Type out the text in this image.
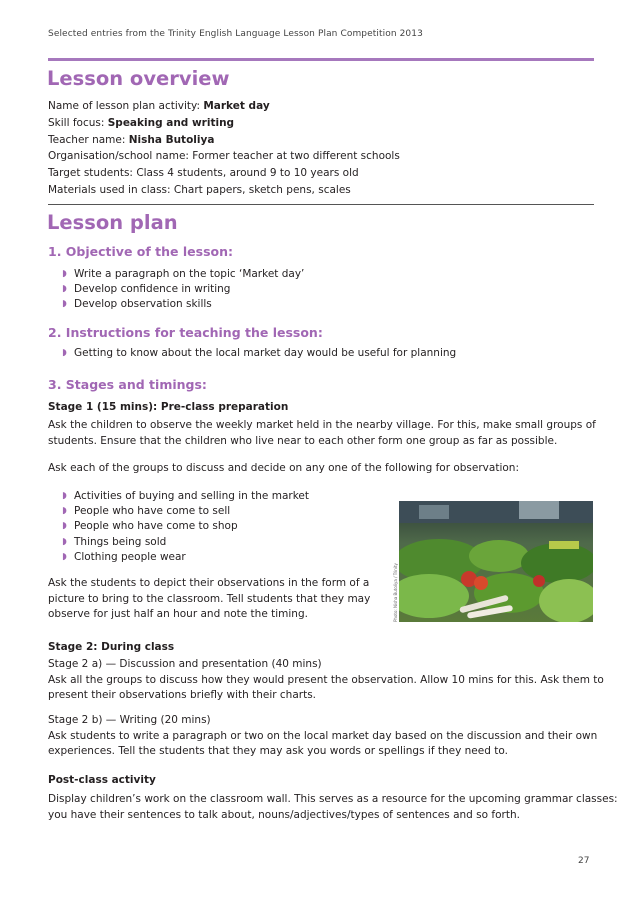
Selected entries from the Trinity English Language Lesson Plan Competition 2013
Lesson overview
Name of lesson plan activity: Market day
Skill focus: Speaking and writing
Teacher name: Nisha Butoliya
Organisation/school name: Former teacher at two different schools
Target students: Class 4 students, around 9 to 10 years old
Materials used in class: Chart papers, sketch pens, scales
Lesson plan
1. Objective of the lesson:
◗ Write a paragraph on the topic ‘Market day’
◗ Develop confidence in writing
◗ Develop observation skills
2. Instructions for teaching the lesson:
◗ Getting to know about the local market day would be useful for planning
3. Stages and timings:
Stage 1 (15 mins): Pre-class preparation
Ask the children to observe the weekly market held in the nearby village. For this, make small groups of
students. Ensure that the children who live near to each other form one group as far as possible.
Ask each of the groups to discuss and decide on any one of the following for observation:
◗ Activities of buying and selling in the market
◗ People who have come to sell
◗ People who have come to shop
◗ Things being sold
◗ Clothing people wear
Ask the students to depict their observations in the form of a
picture to bring to the classroom. Tell students that they may
observe for just half an hour and note the timing.	Photo: Nisha Butoliya / Trinity
Stage 2: During class
Stage 2 a) — Discussion and presentation (40 mins)
Ask all the groups to discuss how they would present the observation. Allow 10 mins for this. Ask them to
present their observations briefly with their charts.
Stage 2 b) — Writing (20 mins)
Ask students to write a paragraph or two on the local market day based on the discussion and their own
experiences. Tell the students that they may ask you words or spellings if they need to.
Post-class activity
Display children’s work on the classroom wall. This serves as a resource for the upcoming grammar classes:
you have their sentences to talk about, nouns/adjectives/types of sentences and so forth.
27
